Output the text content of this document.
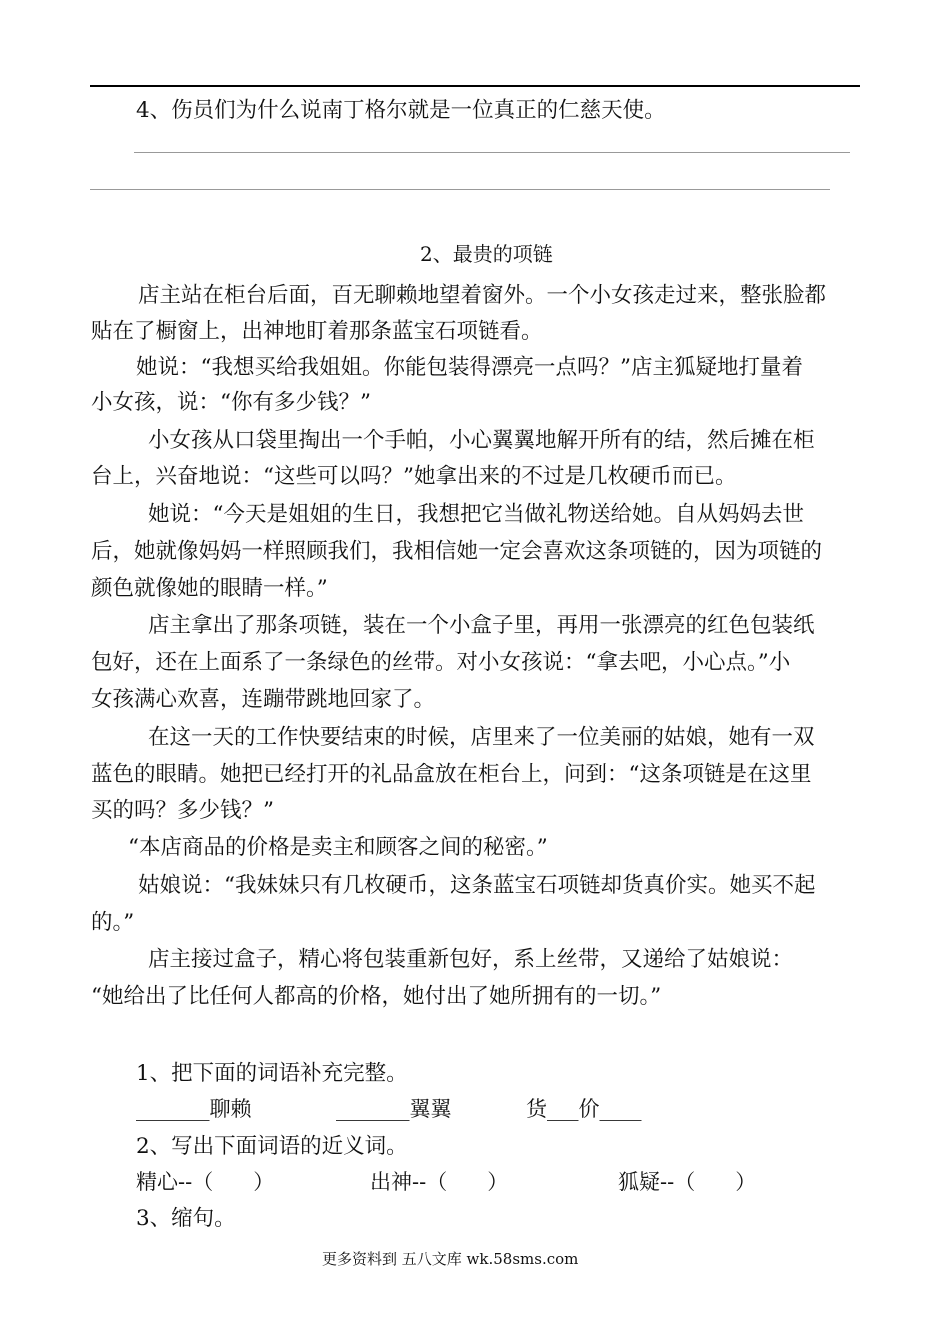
4、伤员们为什么说南丁格尔就是一位真正的仁慈天使。
2、最贵的项链
店主站在柜台后面，百无聊赖地望着窗外。一个小女孩走过来，整张脸都
贴在了橱窗上，出神地盯着那条蓝宝石项链看。
她说：“我想买给我姐姐。你能包装得漂亮一点吗？”店主狐疑地打量着
小女孩，说：“你有多少钱？”
小女孩从口袋里掏出一个手帕，小心翼翼地解开所有的结，然后摊在柜
台上，兴奋地说：“这些可以吗？”她拿出来的不过是几枚硬币而已。
她说：“今天是姐姐的生日，我想把它当做礼物送给她。自从妈妈去世
后，她就像妈妈一样照顾我们，我相信她一定会喜欢这条项链的，因为项链的
颜色就像她的眼睛一样。”
店主拿出了那条项链，装在一个小盒子里，再用一张漂亮的红色包装纸
包好，还在上面系了一条绿色的丝带。对小女孩说：“拿去吧，小心点。”小
女孩满心欢喜，连蹦带跳地回家了。
在这一天的工作快要结束的时候，店里来了一位美丽的姑娘，她有一双
蓝色的眼睛。她把已经打开的礼品盒放在柜台上，问到：“这条项链是在这里
买的吗？多少钱？”
“本店商品的价格是卖主和顾客之间的秘密。”
姑娘说：“我妹妹只有几枚硬币，这条蓝宝石项链却货真价实。她买不起
的。”
店主接过盒子，精心将包装重新包好，系上丝带，又递给了姑娘说：
“她给出了比任何人都高的价格，她付出了她所拥有的一切。”
1、把下面的词语补充完整。
_______聊赖	_______翼翼	货___价____
2、写出下面词语的近义词。
精心--（      ）	出神--（      ）	狐疑--（      ）
3、缩句。
更多资料到 五八文库 wk.58sms.com
